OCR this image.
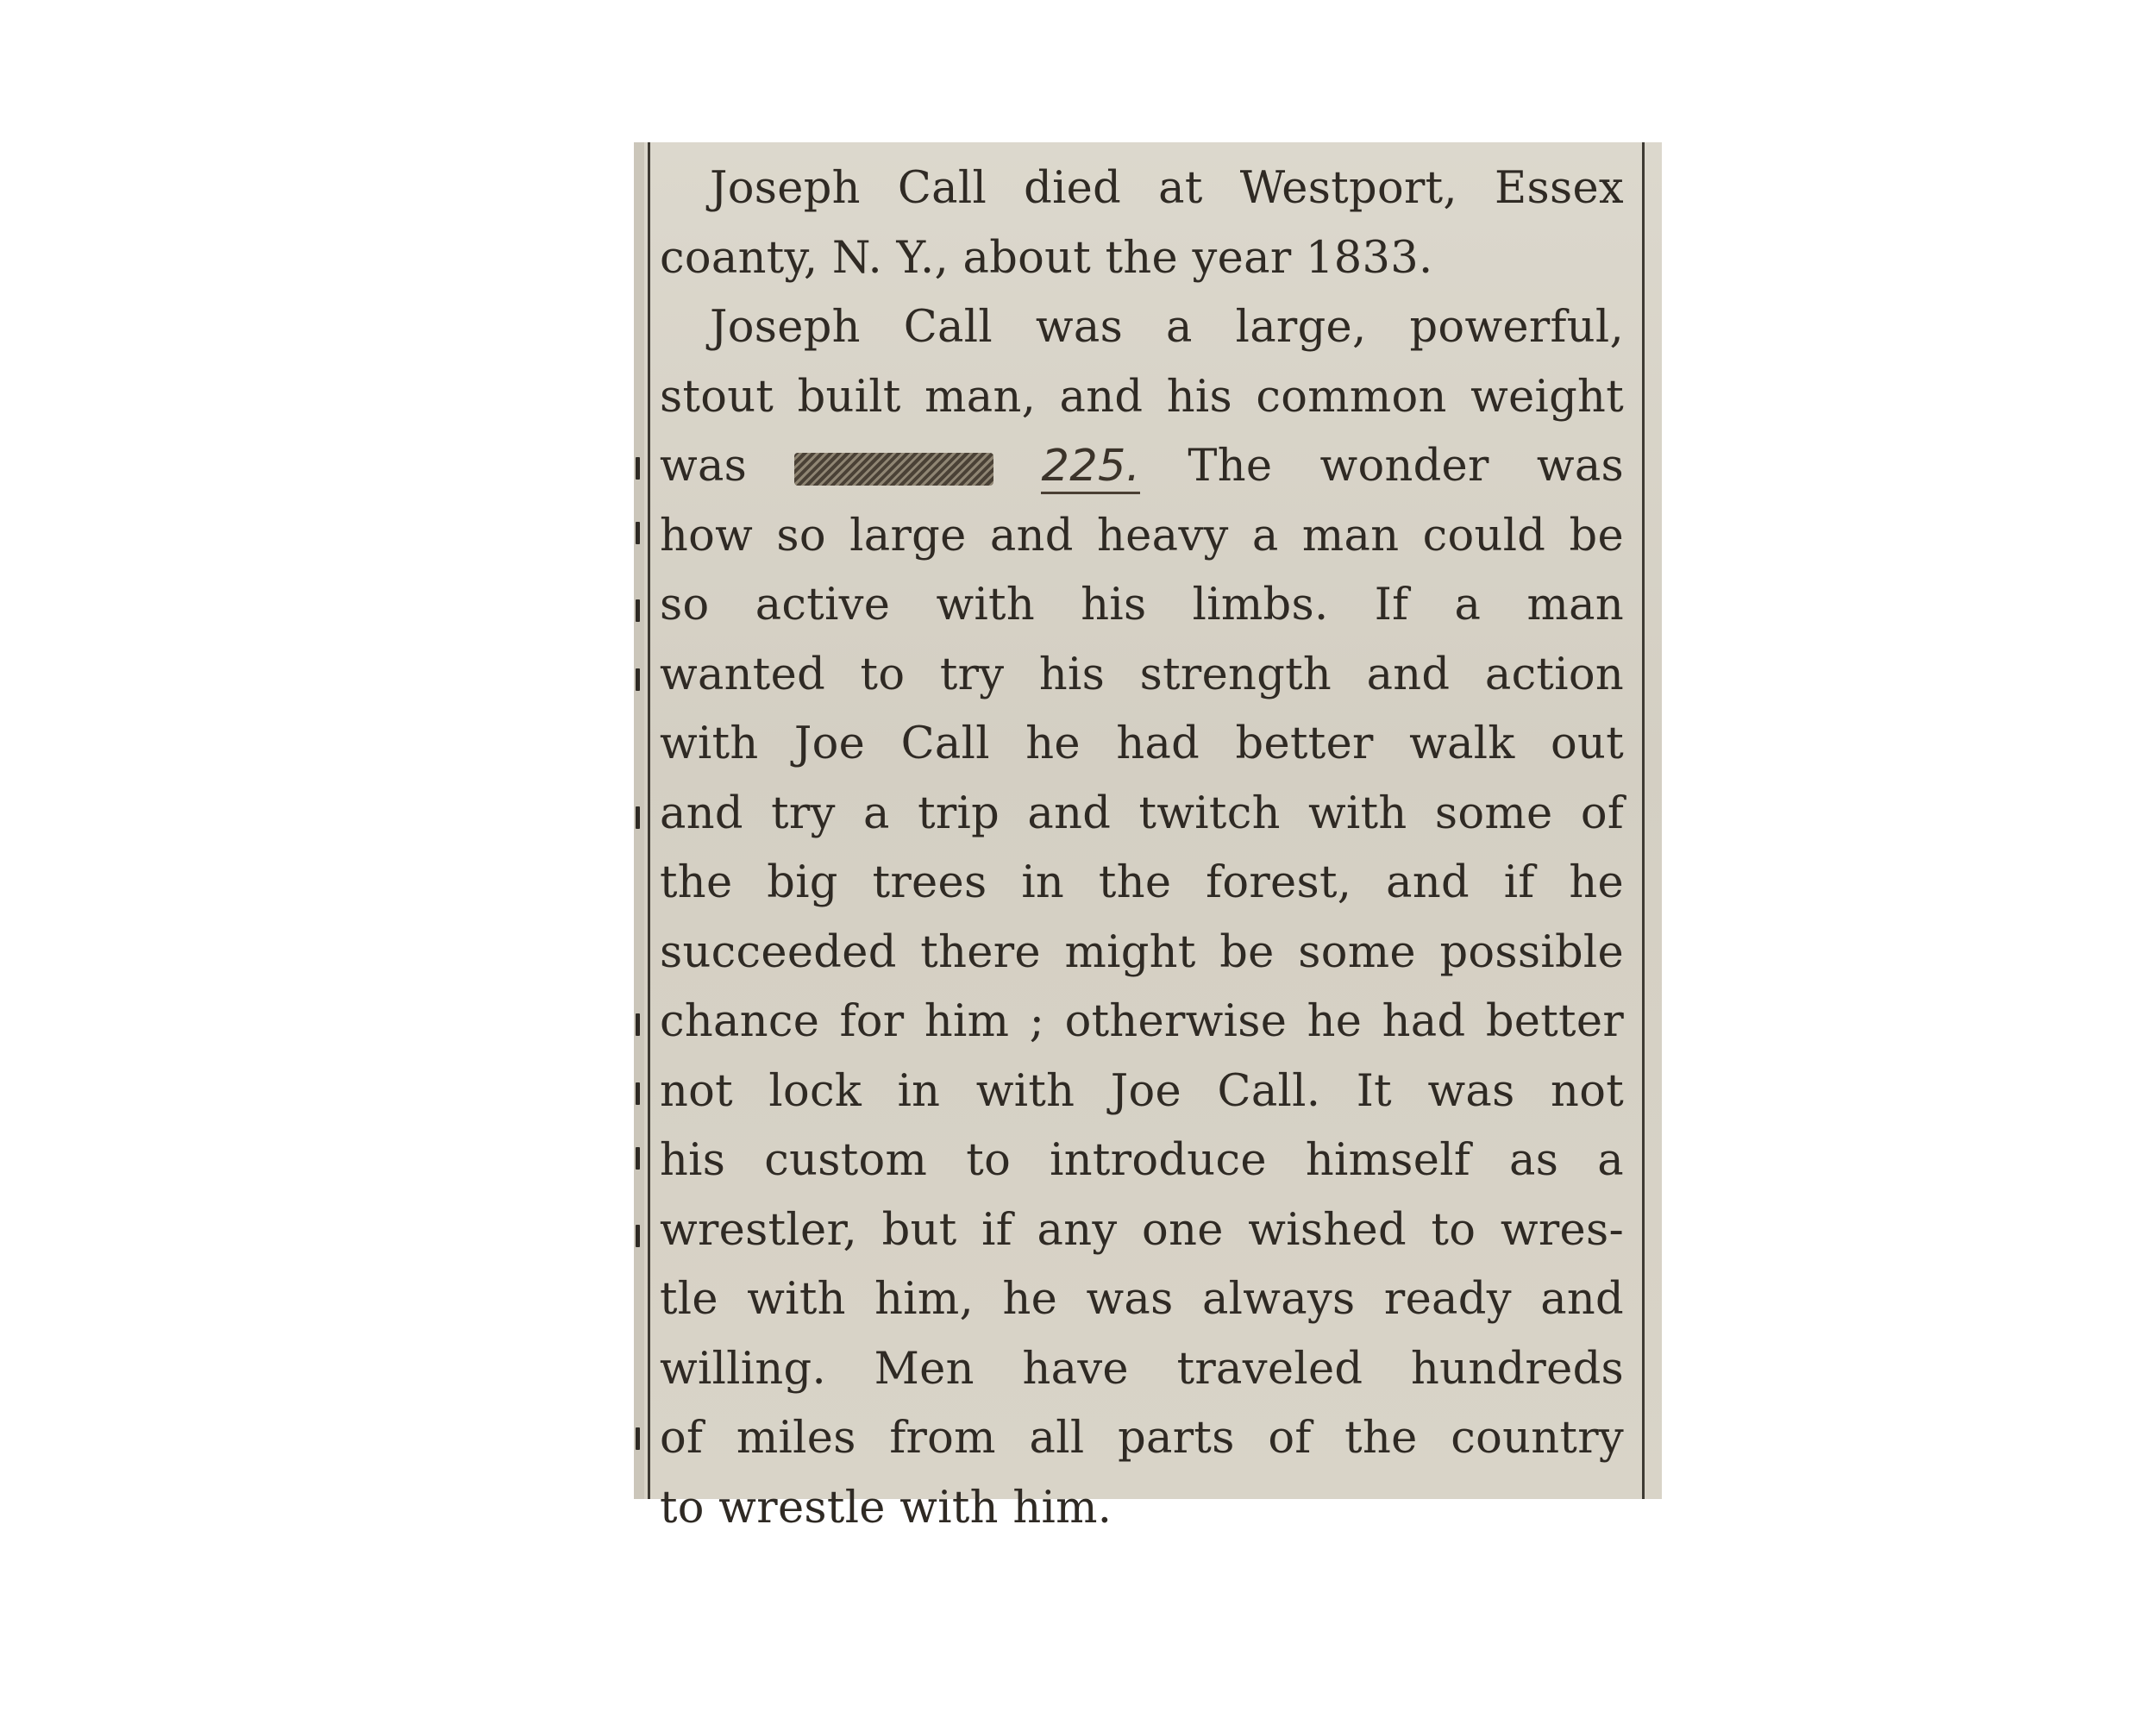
Joseph Call died at Westport, Essex
coanty, N. Y., about the year 1833.
Joseph Call was a large, powerful,
stout built man, and his common weight
was	225. The wonder was
how so large and heavy a man could be
so active with his limbs. If a man
wanted to try his strength and action
with Joe Call he had better walk out
and try a trip and twitch with some of
the big trees in the forest, and if he
succeeded there might be some possible
chance for him ; otherwise he had better
not lock in with Joe Call. It was not
his custom to introduce himself as a
wrestler, but if any one wished to wres-
tle with him, he was always ready and
willing. Men have traveled hundreds
of miles from all parts of the country
to wrestle with him.
